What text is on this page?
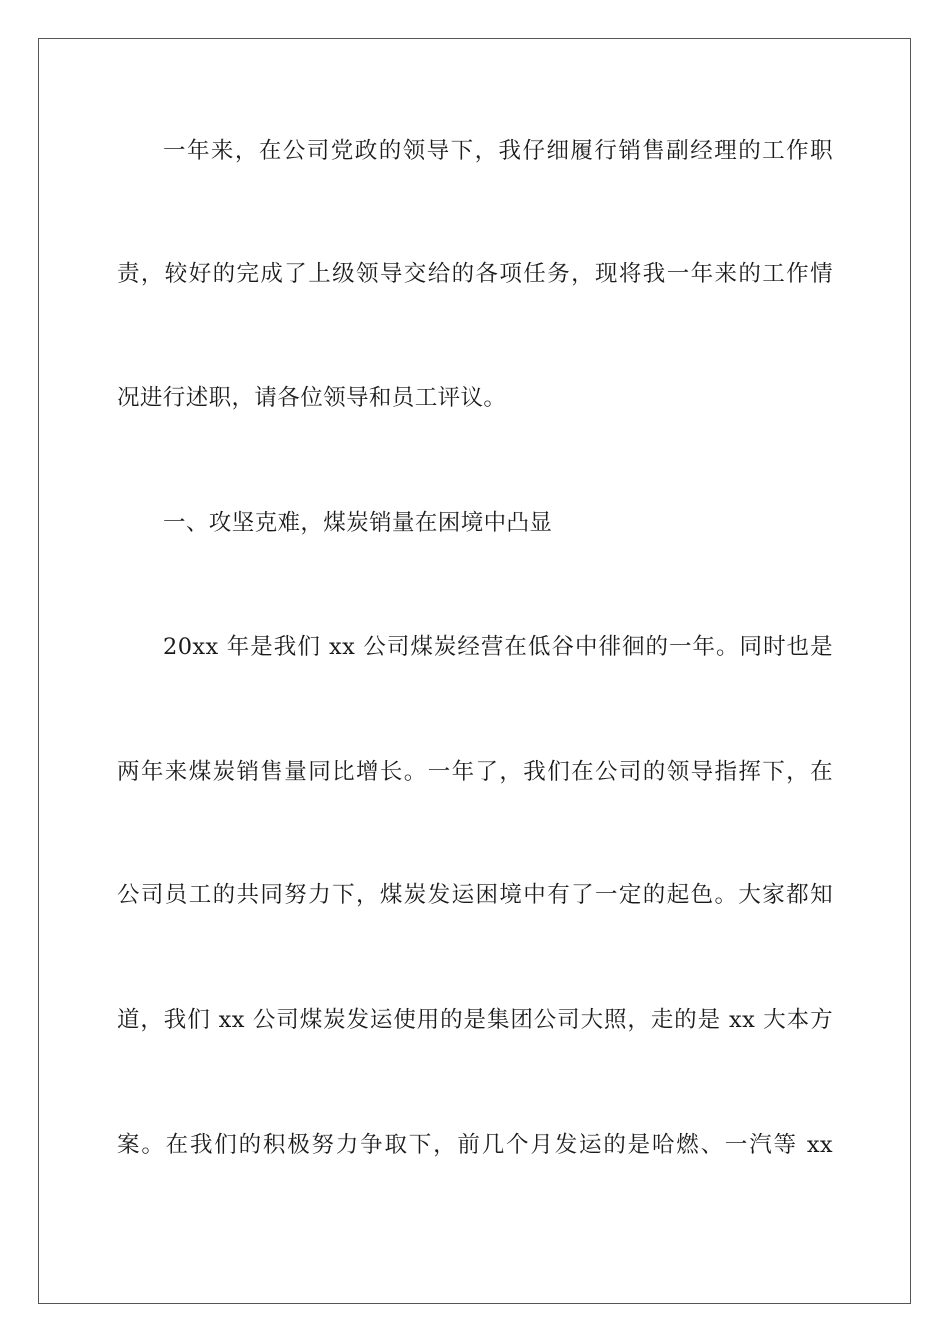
一年来，在公司党政的领导下，我仔细履行销售副经理的工作职
责，较好的完成了上级领导交给的各项任务，现将我一年来的工作情
况进行述职，请各位领导和员工评议。
一、攻坚克难，煤炭销量在困境中凸显
20xx 年是我们 xx 公司煤炭经营在低谷中徘徊的一年。同时也是
两年来煤炭销售量同比增长。一年了，我们在公司的领导指挥下，在
公司员工的共同努力下，煤炭发运困境中有了一定的起色。大家都知
道，我们 xx 公司煤炭发运使用的是集团公司大照，走的是 xx 大本方
案。在我们的积极努力争取下，前几个月发运的是哈燃、一汽等 xx
